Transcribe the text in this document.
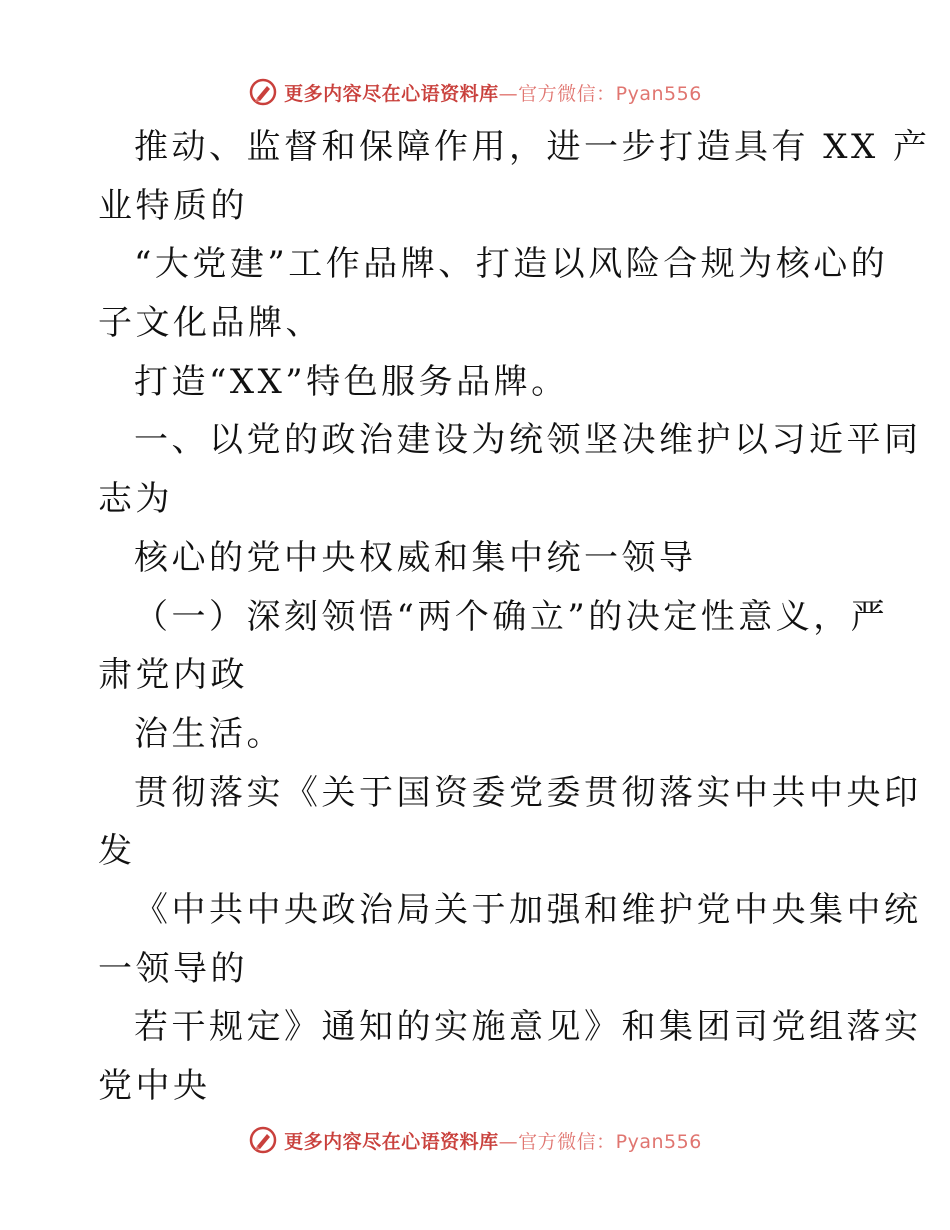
更多内容尽在心语资料库 —官方微信：Pyan556
推动、监督和保障作用，进一步打造具有 XX 产
业特质的
“大党建”工作品牌、打造以风险合规为核心的
子文化品牌、
打造“XX”特色服务品牌。
一、以党的政治建设为统领坚决维护以习近平同
志为
核心的党中央权威和集中统一领导
（一）深刻领悟“两个确立”的决定性意义，严
肃党内政
治生活。
贯彻落实《关于国资委党委贯彻落实中共中央印
发
《中共中央政治局关于加强和维护党中央集中统
一领导的
若干规定》通知的实施意见》和集团司党组落实
党中央
更多内容尽在心语资料库 —官方微信：Pyan556
